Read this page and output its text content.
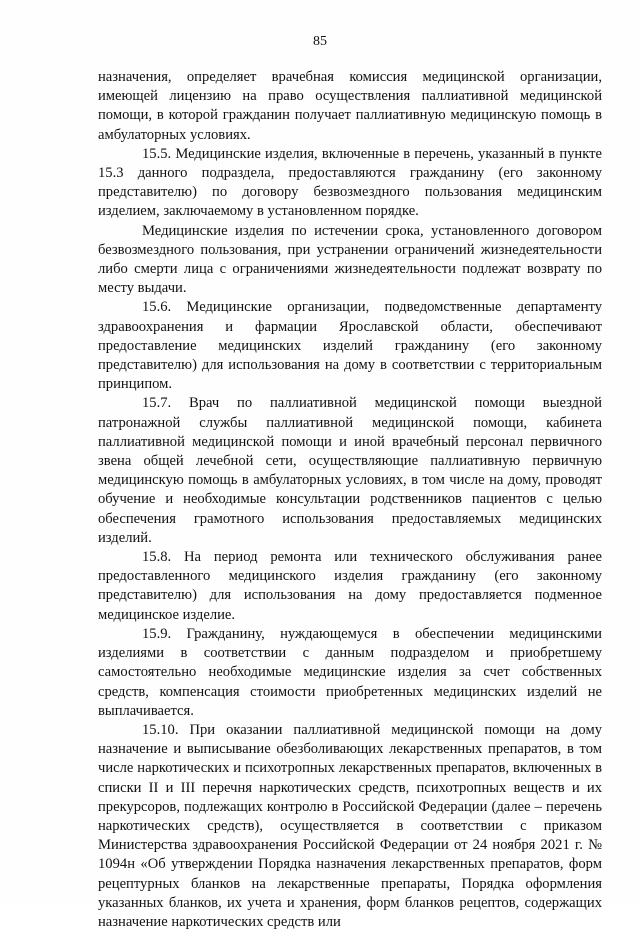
85

назначения, определяет врачебная комиссия медицинской организации, имеющей лицензию на право осуществления паллиативной медицинской помощи, в которой гражданин получает паллиативную медицинскую помощь в амбулаторных условиях.

15.5. Медицинские изделия, включенные в перечень, указанный в пункте 15.3 данного подраздела, предоставляются гражданину (его законному представителю) по договору безвозмездного пользования медицинским изделием, заключаемому в установленном порядке.

Медицинские изделия по истечении срока, установленного договором безвозмездного пользования, при устранении ограничений жизнедеятельности либо смерти лица с ограничениями жизнедеятельности подлежат возврату по месту выдачи.

15.6. Медицинские организации, подведомственные департаменту здравоохранения и фармации Ярославской области, обеспечивают предоставление медицинских изделий гражданину (его законному представителю) для использования на дому в соответствии с территориальным принципом.

15.7. Врач по паллиативной медицинской помощи выездной патронажной службы паллиативной медицинской помощи, кабинета паллиативной медицинской помощи и иной врачебный персонал первичного звена общей лечебной сети, осуществляющие паллиативную первичную медицинскую помощь в амбулаторных условиях, в том числе на дому, проводят обучение и необходимые консультации родственников пациентов с целью обеспечения грамотного использования предоставляемых медицинских изделий.

15.8. На период ремонта или технического обслуживания ранее предоставленного медицинского изделия гражданину (его законному представителю) для использования на дому предоставляется подменное медицинское изделие.

15.9. Гражданину, нуждающемуся в обеспечении медицинскими изделиями в соответствии с данным подразделом и приобретшему самостоятельно необходимые медицинские изделия за счет собственных средств, компенсация стоимости приобретенных медицинских изделий не выплачивается.

15.10. При оказании паллиативной медицинской помощи на дому назначение и выписывание обезболивающих лекарственных препаратов, в том числе наркотических и психотропных лекарственных препаратов, включенных в списки II и III перечня наркотических средств, психотропных веществ и их прекурсоров, подлежащих контролю в Российской Федерации (далее – перечень наркотических средств), осуществляется в соответствии с приказом Министерства здравоохранения Российской Федерации от 24 ноября 2021 г. № 1094н «Об утверждении Порядка назначения лекарственных препаратов, форм рецептурных бланков на лекарственные препараты, Порядка оформления указанных бланков, их учета и хранения, форм бланков рецептов, содержащих назначение наркотических средств или
